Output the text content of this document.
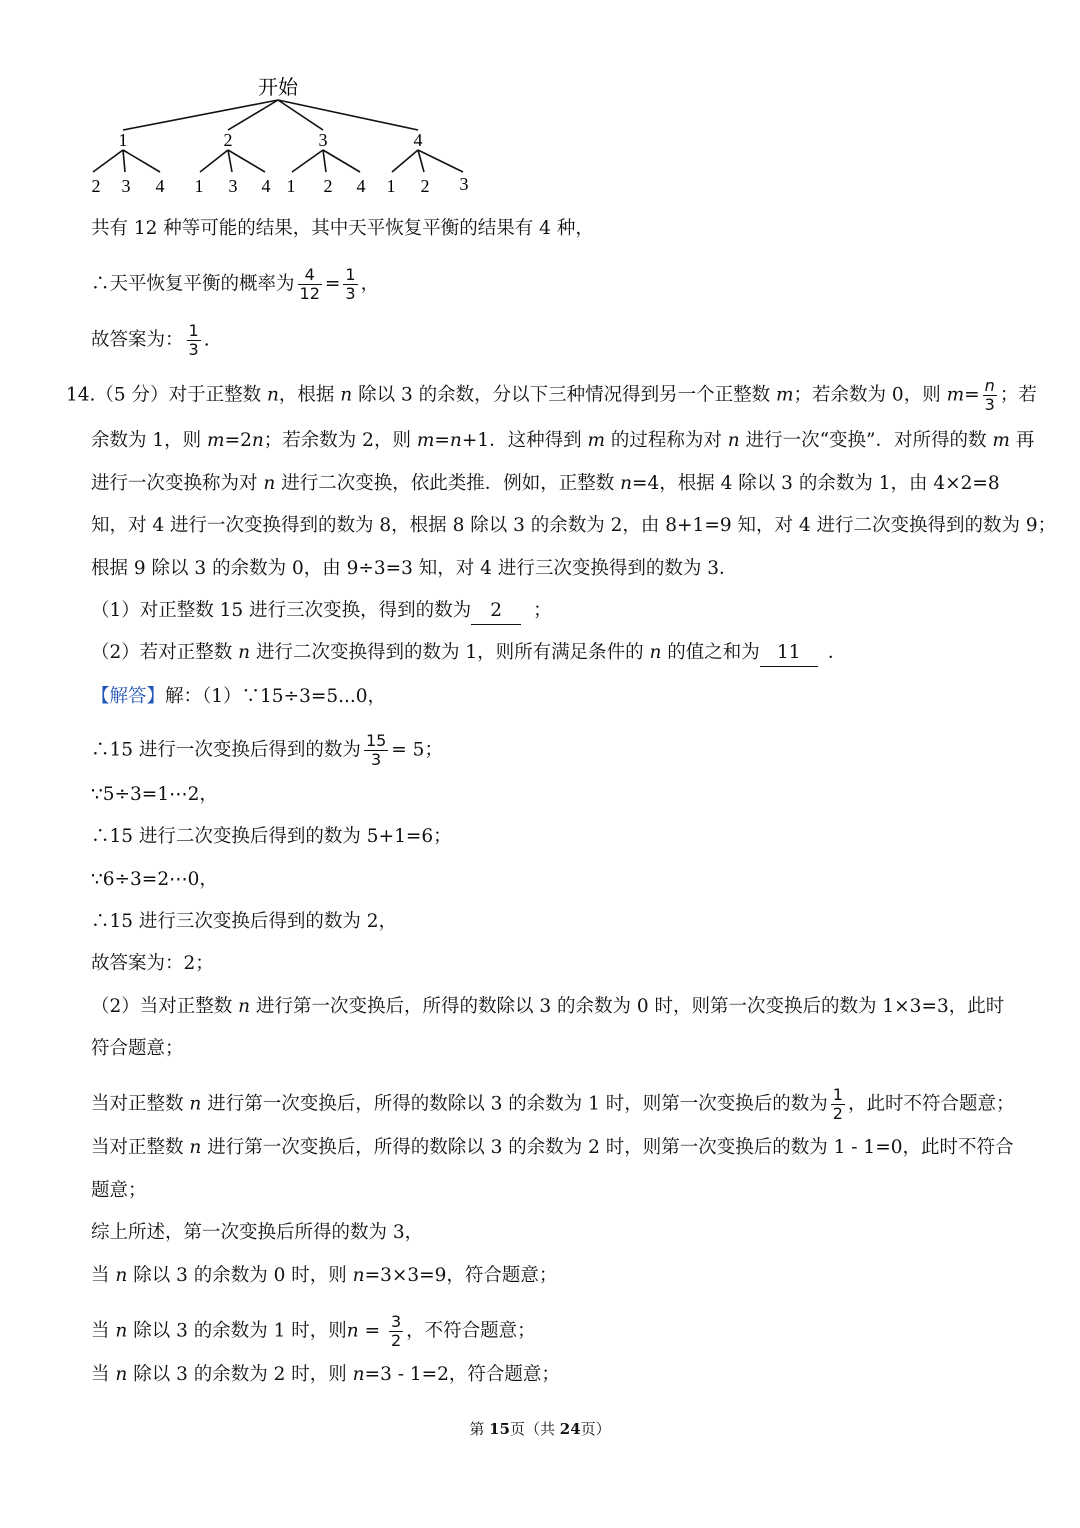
开始
1	2	3	4
2 3 4 1 3 4 1 2 4 1 2 3
共有 12 种等可能的结果，其中天平恢复平衡的结果有 4 种，
∴天平恢复平衡的概率为 $\frac{4}{12} = \frac{1}{3}$ ，
故答案为： $\frac{1}{3}$ .
14.（5 分）对于正整数 n，根据 n 除以 3 的余数，分以下三种情况得到另一个正整数 m；若余数为 0，则 $m= \frac{n}{3}$ ；若
余数为 1，则 m=2n；若余数为 2，则 m=n+1．这种得到 m 的过程称为对 n 进行一次“变换”．对所得的数 m 再
进行一次变换称为对 n 进行二次变换，依此类推．例如，正整数 n=4，根据 4 除以 3 的余数为 1，由 4×2=8
知，对 4 进行一次变换得到的数为 8，根据 8 除以 3 的余数为 2，由 8+1=9 知，对 4 进行二次变换得到的数为 9；
根据 9 除以 3 的余数为 0，由 9÷3=3 知，对 4 进行三次变换得到的数为 3．
（1）对正整数 15 进行三次变换，得到的数为 2 ；
（2）若对正整数 n 进行二次变换得到的数为 1，则所有满足条件的 n 的值之和为 11 ．
【解答】解：（1）∵15÷3=5...0，
∴15 进行一次变换后得到的数为 $\frac{15}{3} = 5$；
∵5÷3=1⋯2，
∴15 进行二次变换后得到的数为 5+1=6；
∵6÷3=2⋯0，
∴15 进行三次变换后得到的数为 2，
故答案为：2；
（2）当对正整数 n 进行第一次变换后，所得的数除以 3 的余数为 0 时，则第一次变换后的数为 1×3=3，此时
符合题意；
当对正整数 n 进行第一次变换后，所得的数除以 3 的余数为 1 时，则第一次变换后的数为 $\frac{1}{2}$ ，此时不符合题意；
当对正整数 n 进行第一次变换后，所得的数除以 3 的余数为 2 时，则第一次变换后的数为 1 - 1=0，此时不符合
题意；
综上所述，第一次变换后所得的数为 3，
当 n 除以 3 的余数为 0 时，则 n=3×3=9，符合题意；
当 n 除以 3 的余数为 1 时，则$n = \frac{3}{2}$ ，不符合题意；
当 n 除以 3 的余数为 2 时，则 n=3 - 1=2，符合题意；
第 15页（共 24页）
